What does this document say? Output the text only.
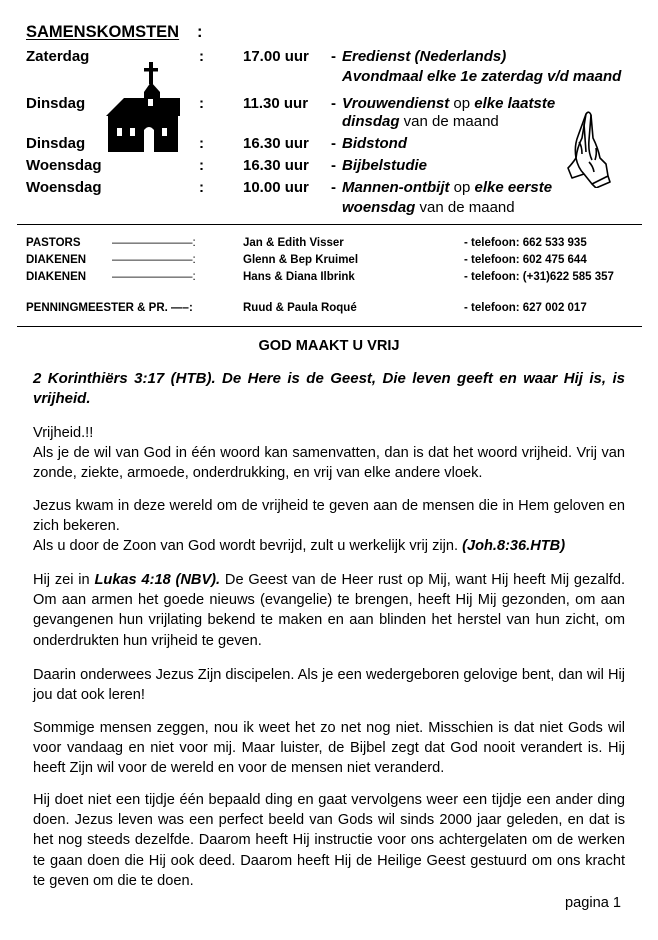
SAMENSKOMSTEN :
Zaterdag	:	17.00 uur - Eredienst (Nederlands)
Avondmaal elke 1e zaterdag v/d maand
Dinsdag	:	11.30 uur - Vrouwendienst op elke laatste
dinsdag van de maand
Dinsdag	:	16.30 uur - Bidstond
Woensdag	:	16.30 uur - Bijbelstudie
Woensdag	:	10.00 uur - Mannen-ontbijt op elke eerste
woensdag van de maand
PASTORS	———————:	Jan & Edith Visser	- telefoon: 662 533 935
DIAKENEN ———————:	Glenn & Bep Kruimel	- telefoon: 602 475 644
DIAKENEN ———————:	Hans & Diana Ilbrink	- telefoon: (+31)622 585 357
PENNINGMEESTER & PR. —–:	Ruud & Paula Roqué	- telefoon: 627 002 017
GOD MAAKT U VRIJ
2 Korinthiërs 3:17 (HTB). De Here is de Geest, Die leven geeft en waar Hij is, is vrijheid.

Vrijheid.!!

Als je de wil van God in één woord kan samenvatten, dan is dat het woord vrijheid. Vrij van zonde, ziekte, armoede, onderdrukking, en vrij van elke andere vloek.

Jezus kwam in deze wereld om de vrijheid te geven aan de mensen die in Hem geloven en zich bekeren.

Als u door de Zoon van God wordt bevrijd, zult u werkelijk vrij zijn. (Joh.8:36.HTB)

Hij zei in Lukas 4:18 (NBV). De Geest van de Heer rust op Mij, want Hij heeft Mij gezalfd. Om aan armen het goede nieuws (evangelie) te brengen, heeft Hij Mij gezonden, om aan gevangenen hun vrijlating bekend te maken en aan blinden het herstel van hun zicht, om onderdrukten hun vrijheid te geven.

Daarin onderwees Jezus Zijn discipelen. Als je een wedergeboren gelovige bent, dan wil Hij jou dat ook leren!
Sommige mensen zeggen, nou ik weet het zo net nog niet. Misschien is dat niet Gods wil voor vandaag en niet voor mij. Maar luister, de Bijbel zegt dat God nooit verandert is. Hij heeft Zijn wil voor de wereld en voor de mensen niet veranderd.
Hij doet niet een tijdje één bepaald ding en gaat vervolgens weer een tijdje een ander ding doen. Jezus leven was een perfect beeld van Gods wil sinds 2000 jaar geleden, en dat is het nog steeds dezelfde. Daarom heeft Hij instructie voor ons achtergelaten om de werken te gaan doen die Hij ook deed. Daarom heeft Hij de Heilige Geest gestuurd om ons kracht te geven om die te doen.
pagina 1
